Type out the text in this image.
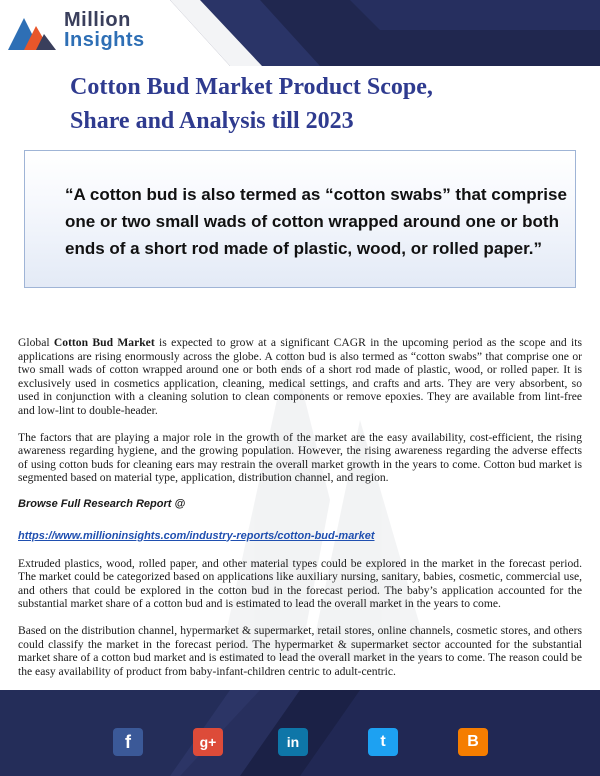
Million
Insights
Cotton Bud Market Product Scope,
Share and Analysis till 2023
“A cotton bud is also termed as “cotton swabs” that comprise
one or two small wads of cotton wrapped around one or both
ends of a short rod made of plastic, wood, or rolled paper.”

Global Cotton Bud Market is expected to grow at a significant CAGR in the upcoming period as the scope and its applications are rising enormously across the globe. A cotton bud is also termed as “cotton swabs” that comprise one or two small wads of cotton wrapped around one or both ends of a short rod made of plastic, wood, or rolled paper. It is exclusively used in cosmetics application, cleaning, medical settings, and crafts and arts. They are very absorbent, so used in conjunction with a cleaning solution to clean components or remove epoxies. They are available from lint-free and low-lint to double-header.

The factors that are playing a major role in the growth of the market are the easy availability, cost-efficient, the rising awareness regarding hygiene, and the growing population. However, the rising awareness regarding the adverse effects of using cotton buds for cleaning ears may restrain the overall market growth in the years to come. Cotton bud market is segmented based on material type, application, distribution channel, and region.

Browse Full Research Report @

https://www.millioninsights.com/industry-reports/cotton-bud-market

Extruded plastics, wood, rolled paper, and other material types could be explored in the market in the forecast period. The market could be categorized based on applications like auxiliary nursing, sanitary, babies, cosmetic, commercial use, and others that could be explored in the cotton bud in the forecast period. The baby’s application accounted for the substantial market share of a cotton bud and is estimated to lead the overall market in the years to come.

Based on the distribution channel, hypermarket & supermarket, retail stores, online channels, cosmetic stores, and others could classify the market in the forecast period. The hypermarket & supermarket sector accounted for the substantial market share of a cotton bud market and is estimated to lead the overall market in the years to come. The reason could be the easy availability of product from baby-infant-children centric to adult-centric.

f	g+	in	t	B
